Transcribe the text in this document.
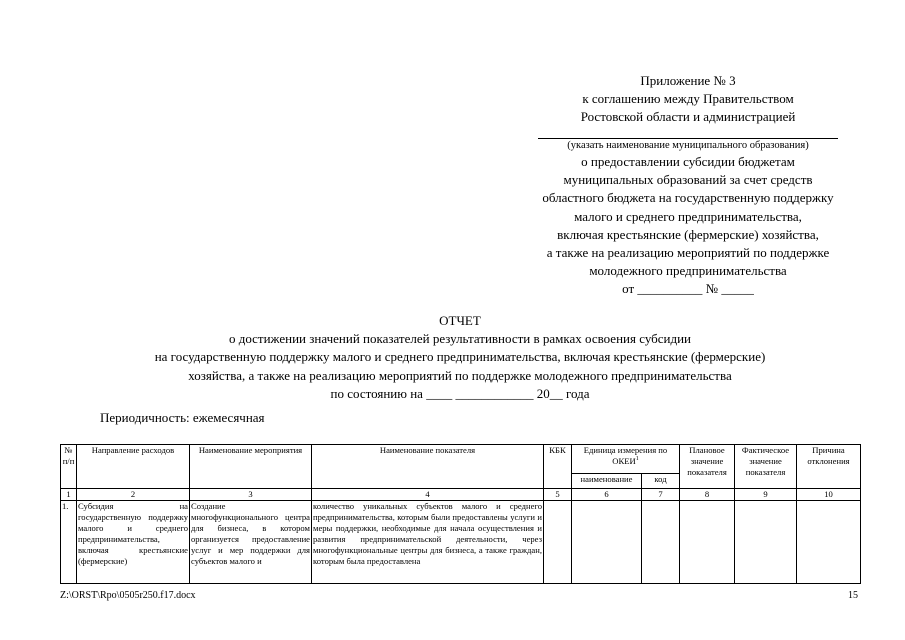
Приложение № 3
к соглашению между Правительством
Ростовской области и администрацией
(указать наименование муниципального образования)
о предоставлении субсидии бюджетам
муниципальных образований за счет средств
областного бюджета на государственную поддержку
малого и среднего предпринимательства,
включая крестьянские (фермерские) хозяйства,
а также на реализацию мероприятий по поддержке
молодежного предпринимательства
от __________ № _____
ОТЧЕТ
о достижении значений показателей результативности в рамках освоения субсидии
на государственную поддержку малого и среднего предпринимательства, включая крестьянские (фермерские)
хозяйства, а также на реализацию мероприятий по поддержке молодежного предпринимательства
по состоянию на ____ ____________ 20__ года
Периодичность: ежемесячная
№ п/п	Направление расходов	Наименование мероприятия	Наименование показателя	КБК	Единица измерения по ОКЕИ$^1$		Плановое значение показателя	Фактическое значение показателя	Причина отклонения
					наименование	код			
1	2	3	4	5	6	7	8	9	10
1.	Субсидия на государственную поддержку малого и среднего предпринимательства, включая крестьянские (фермерские)	Создание многофункционального центра для бизнеса, в котором организуется предоставление услуг и мер поддержки для субъектов малого и	количество уникальных субъектов малого и среднего предпринимательства, которым были предоставлены услуги и меры поддержки, необходимые для начала осуществления и развития предпринимательской деятельности, через многофункциональные центры для бизнеса, а также граждан, которым была предоставлена						
Z:\ORST\Rpo\0505r250.f17.docx	15
